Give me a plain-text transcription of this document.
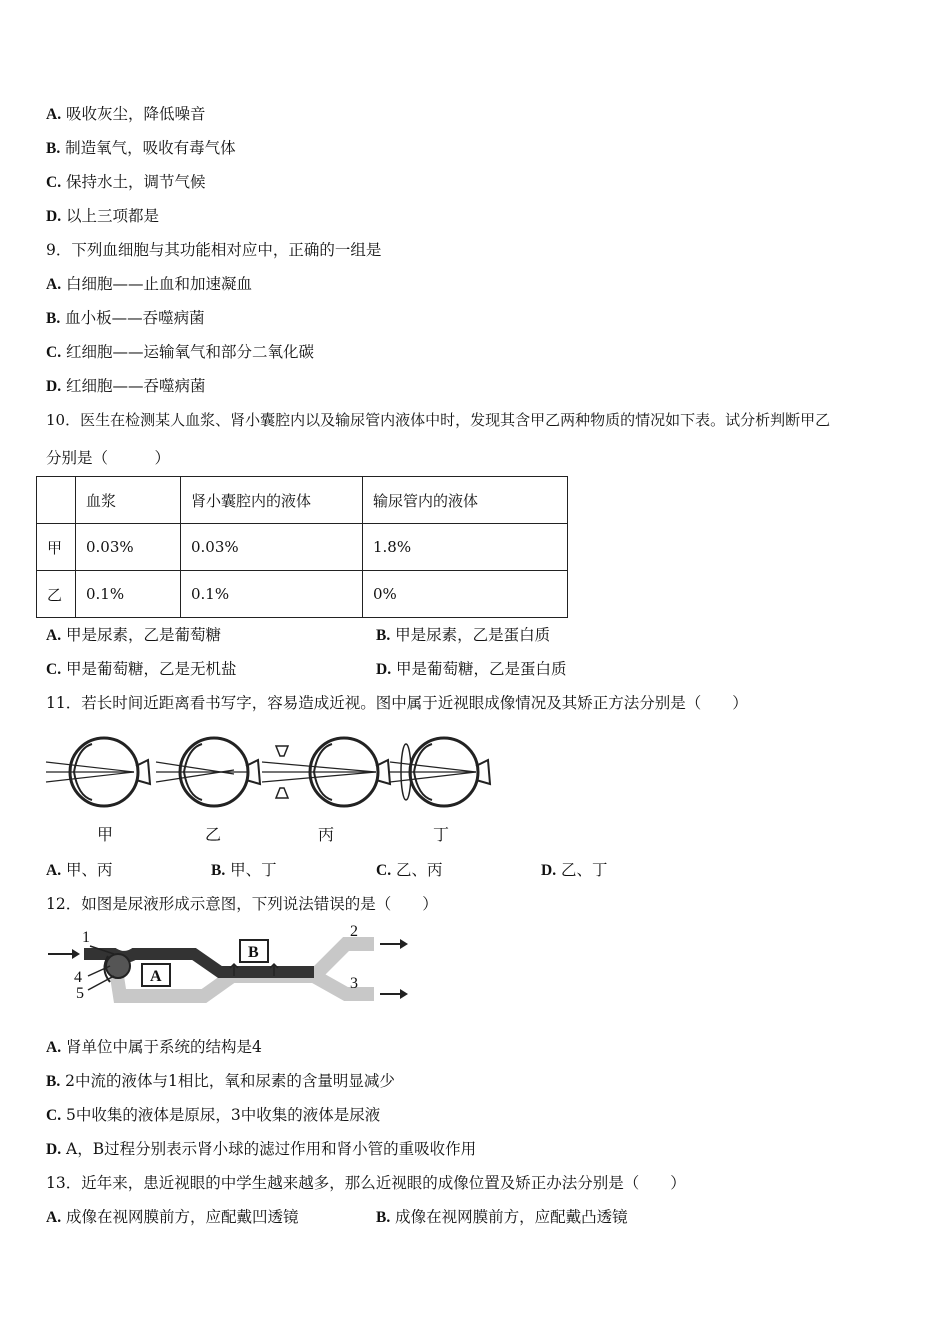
A. 吸收灰尘，降低噪音
B. 制造氧气，吸收有毒气体
C. 保持水土，调节气候
D. 以上三项都是
9．下列血细胞与其功能相对应中，正确的一组是
A. 白细胞——止血和加速凝血
B. 血小板——吞噬病菌
C. 红细胞——运输氧气和部分二氧化碳
D. 红细胞——吞噬病菌
10．医生在检测某人血浆、肾小囊腔内以及输尿管内液体中时，发现其含甲乙两种物质的情况如下表。试分析判断甲乙
分别是（　　　）
	血浆	肾小囊腔内的液体	输尿管内的液体
甲	0.03%	0.03%	1.8%
乙	0.1%	0.1%	0%
A. 甲是尿素，乙是葡萄糖	B. 甲是尿素，乙是蛋白质
C. 甲是葡萄糖，乙是无机盐	D. 甲是葡萄糖，乙是蛋白质
11．若长时间近距离看书写字，容易造成近视。图中属于近视眼成像情况及其矫正方法分别是（　　）
甲	乙	丙	丁
A. 甲、丙	B. 甲、丁	C. 乙、丙	D. 乙、丁
12．如图是尿液形成示意图，下列说法错误的是（　　）
1	2
3
4
5
A
B
A. 肾单位中属于系统的结构是4
B. 2中流的液体与1相比，氧和尿素的含量明显减少
C. 5中收集的液体是原尿，3中收集的液体是尿液
D. A，B过程分别表示肾小球的滤过作用和肾小管的重吸收作用
13．近年来，患近视眼的中学生越来越多，那么近视眼的成像位置及矫正办法分别是（　　）
A. 成像在视网膜前方，应配戴凹透镜	B. 成像在视网膜前方，应配戴凸透镜
